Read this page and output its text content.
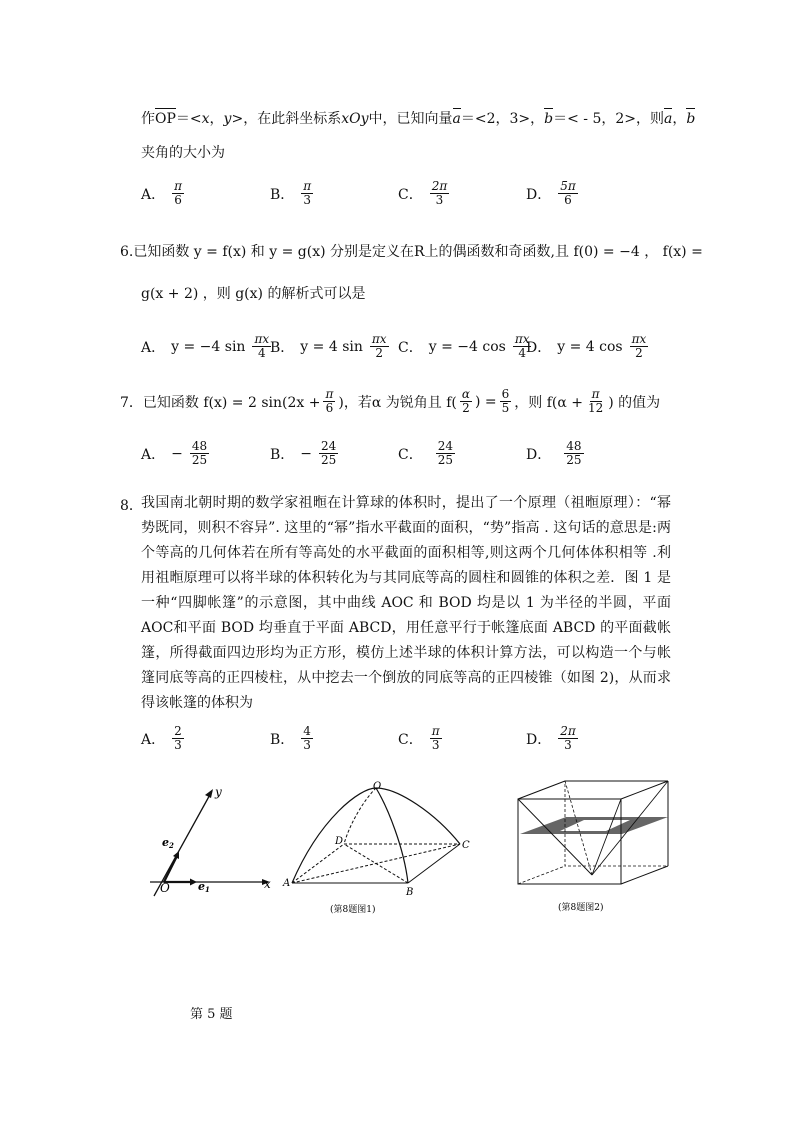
作OP＝<x，y>，在此斜坐标系xOy中，已知向量a＝<2，3>，b＝< - 5，2>，则a，b
夹角的大小为
A． $\frac{\pi}{6}$	B． $\frac{\pi}{3}$	C． $\frac{2\pi}{3}$	D． $\frac{5\pi}{6}$
6.已知函数 y = f(x) 和 y = g(x) 分别是定义在R上的偶函数和奇函数,且 f(0) = −4 ， f(x) =
g(x + 2) ，则 g(x) 的解析式可以是
A． y = −4 $\sin \frac{\pi x}{4}$
B． y = 4 $\sin \frac{\pi x}{2}$ C． y = −4 $\cos \frac{\pi x}{4}$
D． y = 4 $\cos \frac{\pi x}{2}$
7．已知函数 f(x) = 2 $\sin(2x + \frac{\pi}{6}$ )，若α 为锐角且 $f( \frac{\alpha}{2}$ ) = $\frac{6}{5}$ ，则 $f(\alpha + \frac{\pi}{12}$ ) 的值为
A． − $\frac{48}{25}$	B． − $\frac{24}{25}$	C． $\frac{24}{25}$	D． $\frac{48}{25}$
8．
我国南北朝时期的数学家祖暅在计算球的体积时，提出了一个原理（祖暅原理）：“幂势既同，则积不容异”. 这里的“幂”指水平截面的面积，“势”指高 . 这句话的意思是:两个等高的几何体若在所有等高处的水平截面的面积相等,则这两个几何体体积相等 .利用祖暅原理可以将半球的体积转化为与其同底等高的圆柱和圆锥的体积之差．图 1 是一种“四脚帐篷”的示意图，其中曲线 AOC 和 BOD 均是以 1 为半径的半圆，平面 AOC和平面 BOD 均垂直于平面 ABCD，用任意平行于帐篷底面 ABCD 的平面截帐篷，所得截面四边形均为正方形，模仿上述半球的体积计算方法，可以构造一个与帐篷同底等高的正四棱柱，从中挖去一个倒放的同底等高的正四棱锥（如图 2)，从而求得该帐篷的体积为
A． $\frac{2}{3}$	B． $\frac{4}{3}$	C． $\frac{\pi}{3}$	D． $\frac{2\pi}{3}$
y
x
O	e1
e2
O
A
B
C
D
(第8题图1)	(第8题图2)
第 5 题
